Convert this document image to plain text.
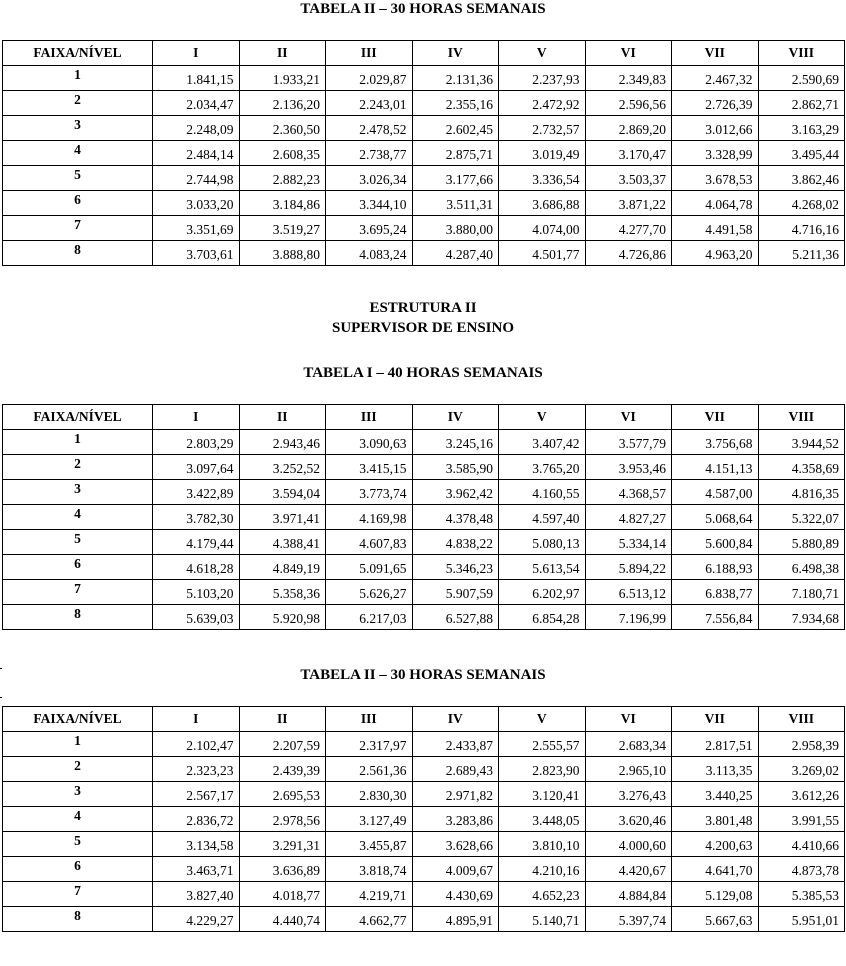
TABELA II – 30 HORAS SEMANAIS
FAIXA/NÍVEL	I	II	III	IV	V	VI	VII	VIII
1	1.841,15	1.933,21	2.029,87	2.131,36	2.237,93	2.349,83	2.467,32	2.590,69
2	2.034,47	2.136,20	2.243,01	2.355,16	2.472,92	2.596,56	2.726,39	2.862,71
3	2.248,09	2.360,50	2.478,52	2.602,45	2.732,57	2.869,20	3.012,66	3.163,29
4	2.484,14	2.608,35	2.738,77	2.875,71	3.019,49	3.170,47	3.328,99	3.495,44
5	2.744,98	2.882,23	3.026,34	3.177,66	3.336,54	3.503,37	3.678,53	3.862,46
6	3.033,20	3.184,86	3.344,10	3.511,31	3.686,88	3.871,22	4.064,78	4.268,02
7	3.351,69	3.519,27	3.695,24	3.880,00	4.074,00	4.277,70	4.491,58	4.716,16
8	3.703,61	3.888,80	4.083,24	4.287,40	4.501,77	4.726,86	4.963,20	5.211,36
ESTRUTURA II
SUPERVISOR DE ENSINO
TABELA I – 40 HORAS SEMANAIS
FAIXA/NÍVEL	I	II	III	IV	V	VI	VII	VIII
1	2.803,29	2.943,46	3.090,63	3.245,16	3.407,42	3.577,79	3.756,68	3.944,52
2	3.097,64	3.252,52	3.415,15	3.585,90	3.765,20	3.953,46	4.151,13	4.358,69
3	3.422,89	3.594,04	3.773,74	3.962,42	4.160,55	4.368,57	4.587,00	4.816,35
4	3.782,30	3.971,41	4.169,98	4.378,48	4.597,40	4.827,27	5.068,64	5.322,07
5	4.179,44	4.388,41	4.607,83	4.838,22	5.080,13	5.334,14	5.600,84	5.880,89
6	4.618,28	4.849,19	5.091,65	5.346,23	5.613,54	5.894,22	6.188,93	6.498,38
7	5.103,20	5.358,36	5.626,27	5.907,59	6.202,97	6.513,12	6.838,77	7.180,71
8	5.639,03	5.920,98	6.217,03	6.527,88	6.854,28	7.196,99	7.556,84	7.934,68
TABELA II – 30 HORAS SEMANAIS
FAIXA/NÍVEL	I	II	III	IV	V	VI	VII	VIII
1	2.102,47	2.207,59	2.317,97	2.433,87	2.555,57	2.683,34	2.817,51	2.958,39
2	2.323,23	2.439,39	2.561,36	2.689,43	2.823,90	2.965,10	3.113,35	3.269,02
3	2.567,17	2.695,53	2.830,30	2.971,82	3.120,41	3.276,43	3.440,25	3.612,26
4	2.836,72	2.978,56	3.127,49	3.283,86	3.448,05	3.620,46	3.801,48	3.991,55
5	3.134,58	3.291,31	3.455,87	3.628,66	3.810,10	4.000,60	4.200,63	4.410,66
6	3.463,71	3.636,89	3.818,74	4.009,67	4.210,16	4.420,67	4.641,70	4.873,78
7	3.827,40	4.018,77	4.219,71	4.430,69	4.652,23	4.884,84	5.129,08	5.385,53
8	4.229,27	4.440,74	4.662,77	4.895,91	5.140,71	5.397,74	5.667,63	5.951,01
